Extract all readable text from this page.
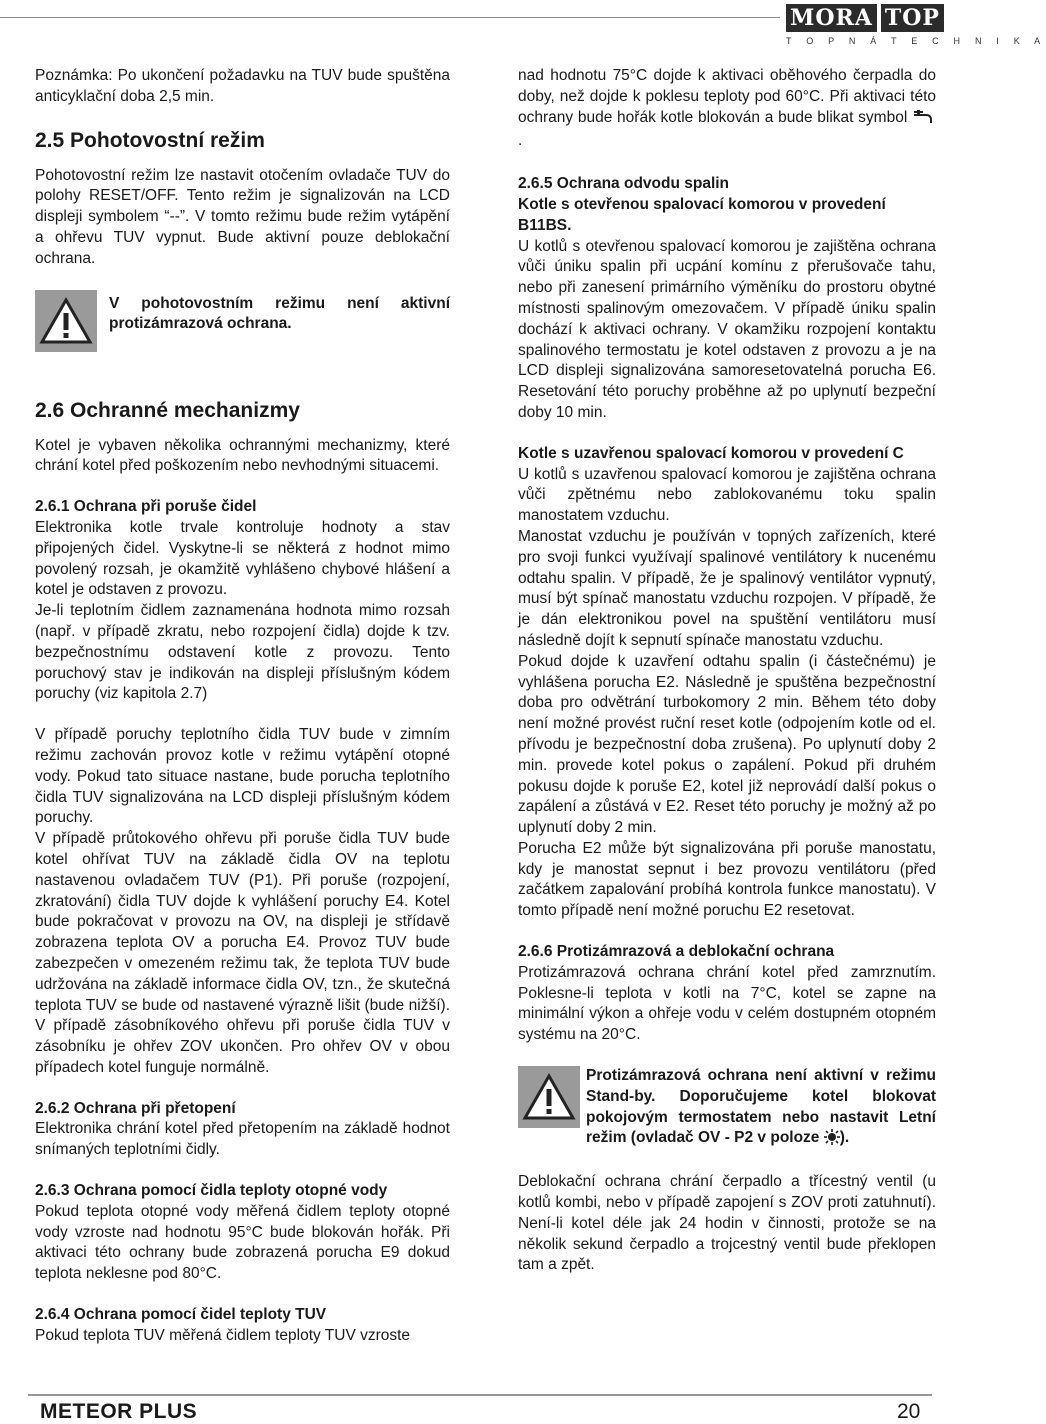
MORA TOP
T O P N Á T E C H N I K A

Poznámka: Po ukončení požadavku na TUV bude spuštěna anticyklační doba 2,5 min.

2.5 Pohotovostní režim

Pohotovostní režim lze nastavit otočením ovladače TUV do polohy RESET/OFF. Tento režim je signalizován na LCD displeji symbolem “--”. V tomto režimu bude režim vytápění a ohřevu TUV vypnut. Bude aktivní pouze deblokační ochrana.

V pohotovostním režimu není aktivní protizámrazová ochrana.
2.6 Ochranné mechanizmy

Kotel je vybaven několika ochrannými mechanizmy, které chrání kotel před poškozením nebo nevhodnými situacemi.

2.6.1 Ochrana při poruše čidel

Elektronika kotle trvale kontroluje hodnoty a stav připojených čidel. Vyskytne-li se některá z hodnot mimo povolený rozsah, je okamžitě vyhlášeno chybové hlášení a kotel je odstaven z provozu.

Je-li teplotním čidlem zaznamenána hodnota mimo rozsah (např. v případě zkratu, nebo rozpojení čidla) dojde k tzv. bezpečnostnímu odstavení kotle z provozu. Tento poruchový stav je indikován na displeji příslušným kódem poruchy (viz kapitola 2.7)

V případě poruchy teplotního čidla TUV bude v zimním režimu zachován provoz kotle v režimu vytápění otopné vody. Pokud tato situace nastane, bude porucha teplotního čidla TUV signalizována na LCD displeji příslušným kódem poruchy.

V případě průtokového ohřevu při poruše čidla TUV bude kotel ohřívat TUV na základě čidla OV na teplotu nastavenou ovladačem TUV (P1). Při poruše (rozpojení, zkratování) čidla TUV dojde k vyhlášení poruchy E4. Kotel bude pokračovat v provozu na OV, na displeji je střídavě zobrazena teplota OV a porucha E4. Provoz TUV bude zabezpečen v omezeném režimu tak, že teplota TUV bude udržována na základě informace čidla OV, tzn., že skutečná teplota TUV se bude od nastavené výrazně lišit (bude nižší). V případě zásobníkového ohřevu při poruše čidla TUV v zásobníku je ohřev ZOV ukončen. Pro ohřev OV v obou případech kotel funguje normálně.

2.6.2 Ochrana při přetopení

Elektronika chrání kotel před přetopením na základě hodnot snímaných teplotními čidly.

2.6.3 Ochrana pomocí čidla teploty otopné vody

Pokud teplota otopné vody měřená čidlem teploty otopné vody vzroste nad hodnotu 95°C bude blokován hořák. Při aktivaci této ochrany bude zobrazená porucha E9 dokud teplota neklesne pod 80°C.

2.6.4 Ochrana pomocí čidel teploty TUV

Pokud teplota TUV měřená čidlem teploty TUV vzroste

nad hodnotu 75°C dojde k aktivaci oběhového čerpadla do doby, než dojde k poklesu teploty pod 60°C. Při aktivaci této ochrany bude hořák kotle blokován a bude blikat symbol .

2.6.5 Ochrana odvodu spalin
Kotle s otevřenou spalovací komorou v provedení
B11BS.

U kotlů s otevřenou spalovací komorou je zajištěna ochrana vůči úniku spalin při ucpání komínu z přerušovače tahu, nebo při zanesení primárního výměníku do prostoru obytné místnosti spalinovým omezovačem. V případě úniku spalin dochází k aktivaci ochrany. V okamžiku rozpojení kontaktu spalinového termostatu je kotel odstaven z provozu a je na LCD displeji signalizována samoresetovatelná porucha E6. Resetování této poruchy proběhne až po uplynutí bezpeční doby 10 min.

Kotle s uzavřenou spalovací komorou v provedení C

U kotlů s uzavřenou spalovací komorou je zajištěna ochrana vůči zpětnému nebo zablokovanému toku spalin manostatem vzduchu.

Manostat vzduchu je používán v topných zařízeních, které pro svoji funkci využívají spalinové ventilátory k nucenému odtahu spalin. V případě, že je spalinový ventilátor vypnutý, musí být spínač manostatu vzduchu rozpojen. V případě, že je dán elektronikou povel na spuštění ventilátoru musí následně dojít k sepnutí spínače manostatu vzduchu.

Pokud dojde k uzavření odtahu spalin (i částečnému) je vyhlášena porucha E2. Následně je spuštěna bezpečnostní doba pro odvětrání turbokomory 2 min. Během této doby není možné provést ruční reset kotle (odpojením kotle od el. přívodu je bezpečnostní doba zrušena). Po uplynutí doby 2 min. provede kotel pokus o zapálení. Pokud při druhém pokusu dojde k poruše E2, kotel již neprovádí další pokus o zapálení a zůstává v E2. Reset této poruchy je možný až po uplynutí doby 2 min.

Porucha E2 může být signalizována při poruše manostatu, kdy je manostat sepnut i bez provozu ventilátoru (před začátkem zapalování probíhá kontrola funkce manostatu). V tomto případě není možné poruchu E2 resetovat.

2.6.6 Protizámrazová a deblokační ochrana

Protizámrazová ochrana chrání kotel před zamrznutím. Poklesne-li teplota v kotli na 7°C, kotel se zapne na minimální výkon a ohřeje vodu v celém dostupném otopném systému na 20°C.

Protizámrazová ochrana není aktivní v režimu Stand-by. Doporučujeme kotel blokovat pokojovým termostatem nebo nastavit Letní režim (ovladač OV - P2 v poloze ).

Deblokační ochrana chrání čerpadlo a třícestný ventil (u kotlů kombi, nebo v případě zapojení s ZOV proti zatuhnutí). Není-li kotel déle jak 24 hodin v činnosti, protože se na několik sekund čerpadlo a trojcestný ventil bude překlopen tam a zpět.

METEOR PLUS	20
